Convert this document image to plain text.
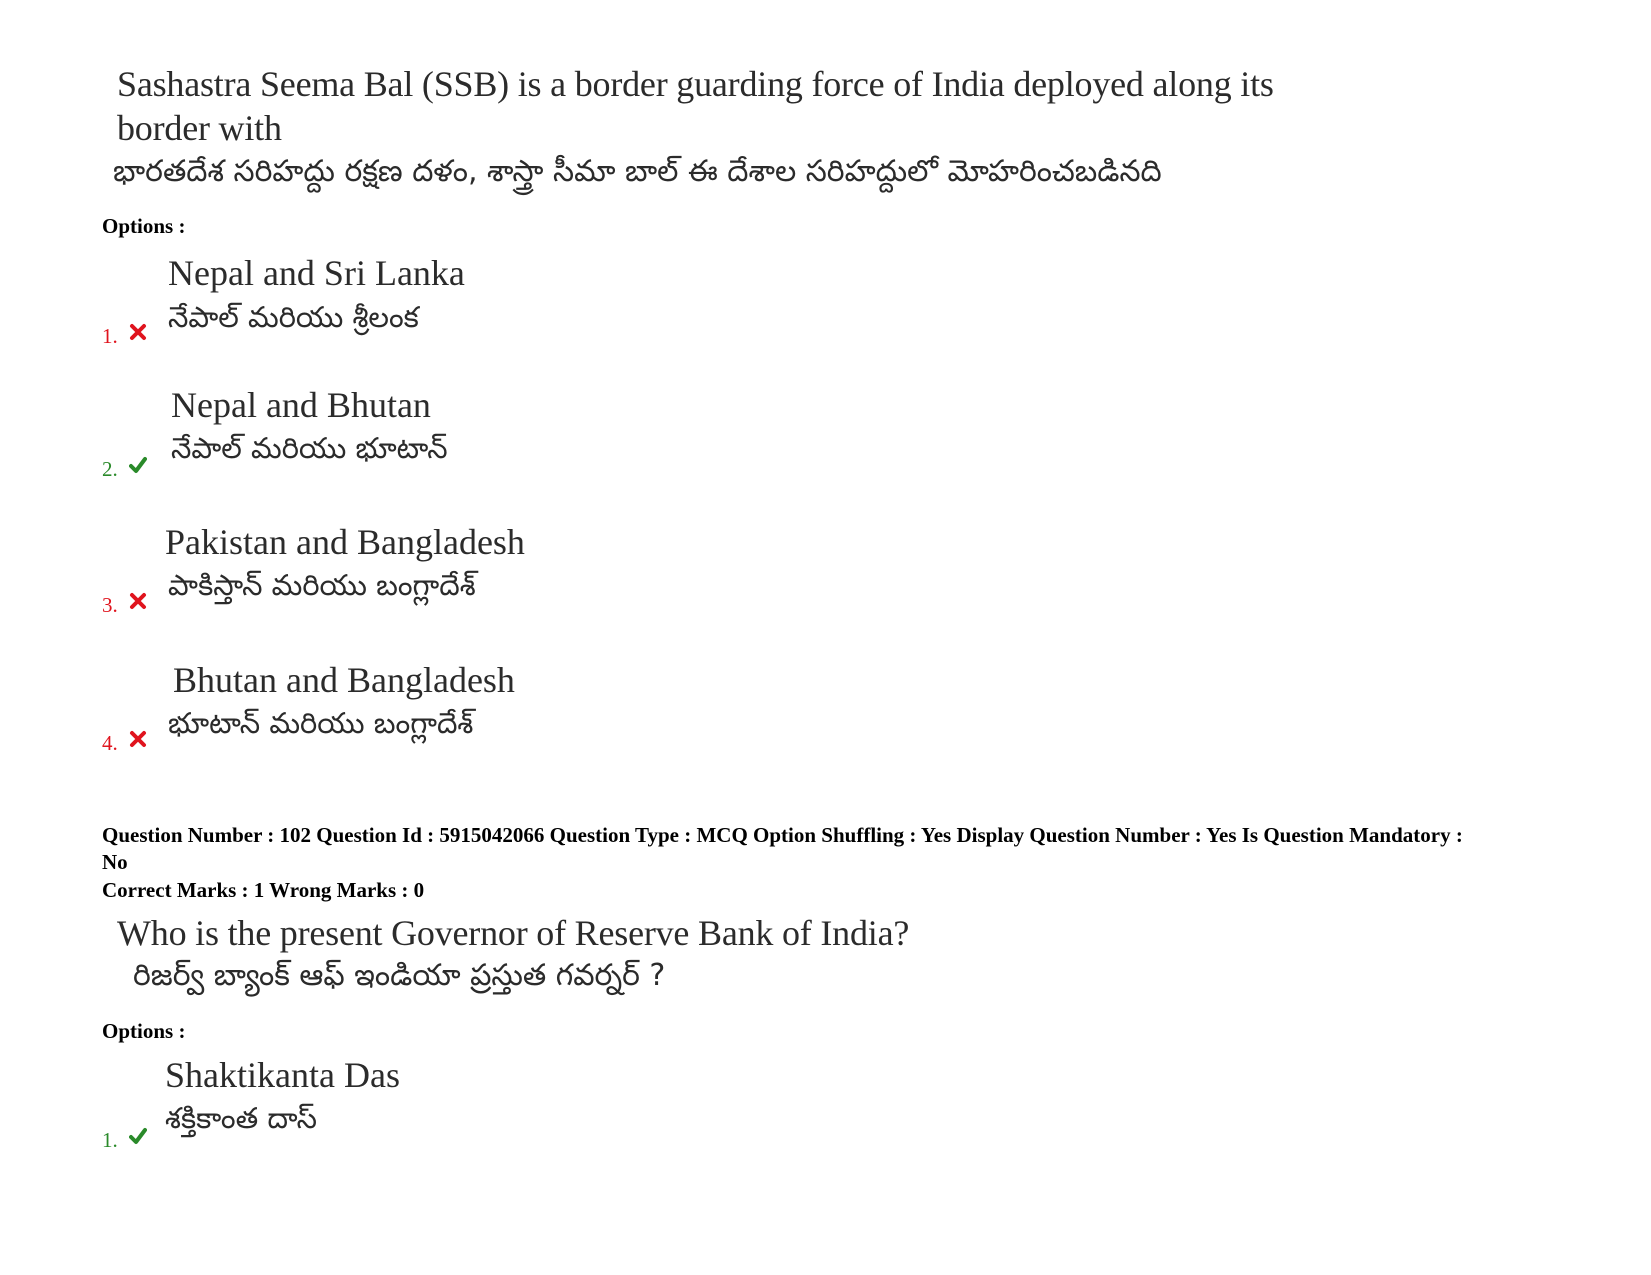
Sashastra Seema Bal (SSB) is a border guarding force of India deployed along its
border with
భారతదేశ సరిహద్దు రక్షణ దళం, శాస్త్రా సీమా బాల్ ఈ దేశాల సరిహద్దులో మోహరించబడినది
Options :
Nepal and Sri Lanka
నేపాల్ మరియు శ్రీలంక
1.
Nepal and Bhutan
నేపాల్ మరియు భూటాన్
2.
Pakistan and Bangladesh
పాకిస్తాన్ మరియు బంగ్లాదేశ్
3.
Bhutan and Bangladesh
భూటాన్ మరియు బంగ్లాదేశ్
4.
Question Number : 102 Question Id : 5915042066 Question Type : MCQ Option Shuffling : Yes Display Question Number : Yes Is Question Mandatory : No
Correct Marks : 1 Wrong Marks : 0
Who is the present Governor of Reserve Bank of India?
రిజర్వ్ బ్యాంక్ ఆఫ్ ఇండియా ప్రస్తుత గవర్నర్ ?
Options :
Shaktikanta Das
శక్తికాంత దాస్
1.
